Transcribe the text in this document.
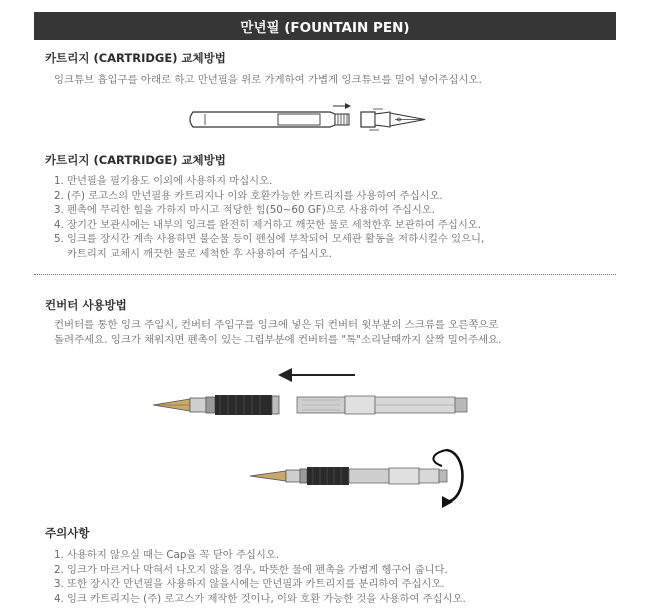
만년필 (FOUNTAIN PEN)
카트리지 (CARTRIDGE) 교체방법
잉크튜브 흡입구를 아래로 하고 만년필을 위로 가게하여 가볍게 잉크튜브를 밀어 넣어주십시오.
카트리지 (CARTRIDGE) 교체방법
1. 만년필을 필기용도 이외에 사용하지 마십시오.
2. (주) 로고스의 만년필용 카트리지나 이와 호환가능한 카트리지를 사용하여 주십시오.
3. 펜촉에 무리한 힘을 가하지 마시고 적당한 힘(50~60 GF)으로 사용하여 주십시오.
4. 장기간 보관시에는 내부의 잉크를 완전히 제거하고 깨끗한 물로 세척한후 보관하여 주십시오.
5. 잉크를 장시간 계속 사용하면 불순물 등이 펜심에 부착되어 모세관 활동을 저하시킬수 있으니,
카트리지 교체시 깨끗한 물로 세척한 후 사용하여 주십시오.
컨버터 사용방법
컨버터를 통한 잉크 주입시, 컨버터 주입구를 잉크에 넣은 뒤 컨버터 윗부분의 스크류를 오른쪽으로
돌려주세요. 잉크가 채워지면 펜촉이 있는 그립부분에 컨버터를 "톡"소리날때까지 살짝 밀어주세요.
주의사항
1. 사용하지 않으실 때는 Cap을 꼭 닫아 주십시오.
2. 잉크가 마르거나 막혀서 나오지 않을 경우, 따뜻한 물에 펜촉을 가볍게 헹구어 줍니다.
3. 또한 장시간 만년필을 사용하지 않을시에는 만년필과 카트리지를 분리하여 주십시오.
4. 잉크 카트리지는 (주) 로고스가 제작한 것이나, 이와 호환 가능한 것을 사용하여 주십시오.
